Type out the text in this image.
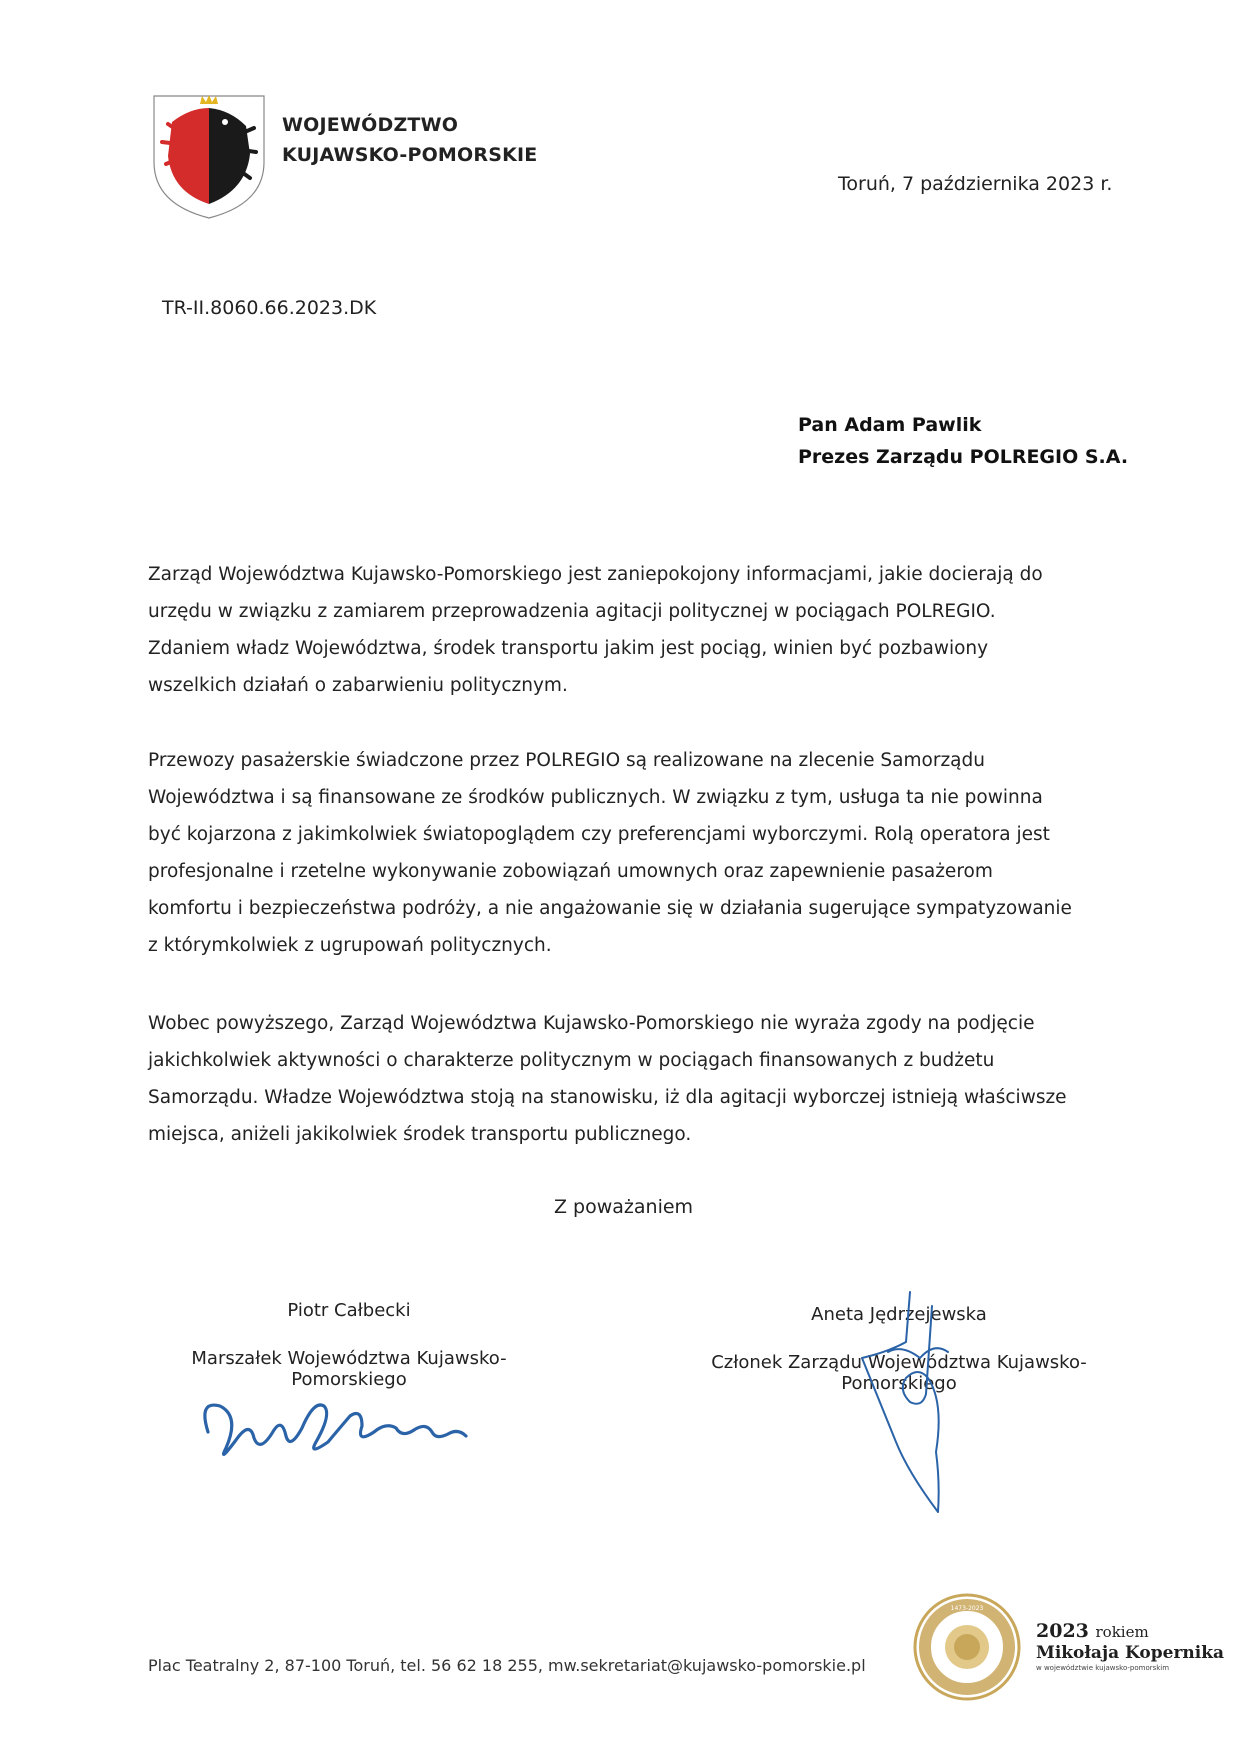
WOJEWÓDZTWO
KUJAWSKO-POMORSKIE
Toruń, 7 października 2023 r.
TR-II.8060.66.2023.DK
Pan Adam Pawlik
Prezes Zarządu POLREGIO S.A.
Zarząd Województwa Kujawsko-Pomorskiego jest zaniepokojony informacjami, jakie docierają do urzędu w związku z zamiarem przeprowadzenia agitacji politycznej w pociągach POLREGIO. Zdaniem władz Województwa, środek transportu jakim jest pociąg, winien być pozbawiony wszelkich działań o zabarwieniu politycznym.
Przewozy pasażerskie świadczone przez POLREGIO są realizowane na zlecenie Samorządu Województwa i są finansowane ze środków publicznych. W związku z tym, usługa ta nie powinna być kojarzona z jakimkolwiek światopoglądem czy preferencjami wyborczymi. Rolą operatora jest profesjonalne i rzetelne wykonywanie zobowiązań umownych oraz zapewnienie pasażerom komfortu i bezpieczeństwa podróży, a nie angażowanie się w działania sugerujące sympatyzowanie z którymkolwiek z ugrupowań politycznych.
Wobec powyższego, Zarząd Województwa Kujawsko-Pomorskiego nie wyraża zgody na podjęcie jakichkolwiek aktywności o charakterze politycznym w pociągach finansowanych z budżetu Samorządu. Władze Województwa stoją na stanowisku, iż dla agitacji wyborczej istnieją właściwsze miejsca, aniżeli jakikolwiek środek transportu publicznego.
Z poważaniem
Piotr Całbecki
Marszałek Województwa Kujawsko-Pomorskiego
Aneta Jędrzejewska
Członek Zarządu Województwa Kujawsko-Pomorskiego
Plac Teatralny 2, 87-100 Toruń, tel. 56 62 18 255, mw.sekretariat@kujawsko-pomorskie.pl
1473-2023
2023 rokiem
Mikołaja Kopernika
w województwie kujawsko-pomorskim
